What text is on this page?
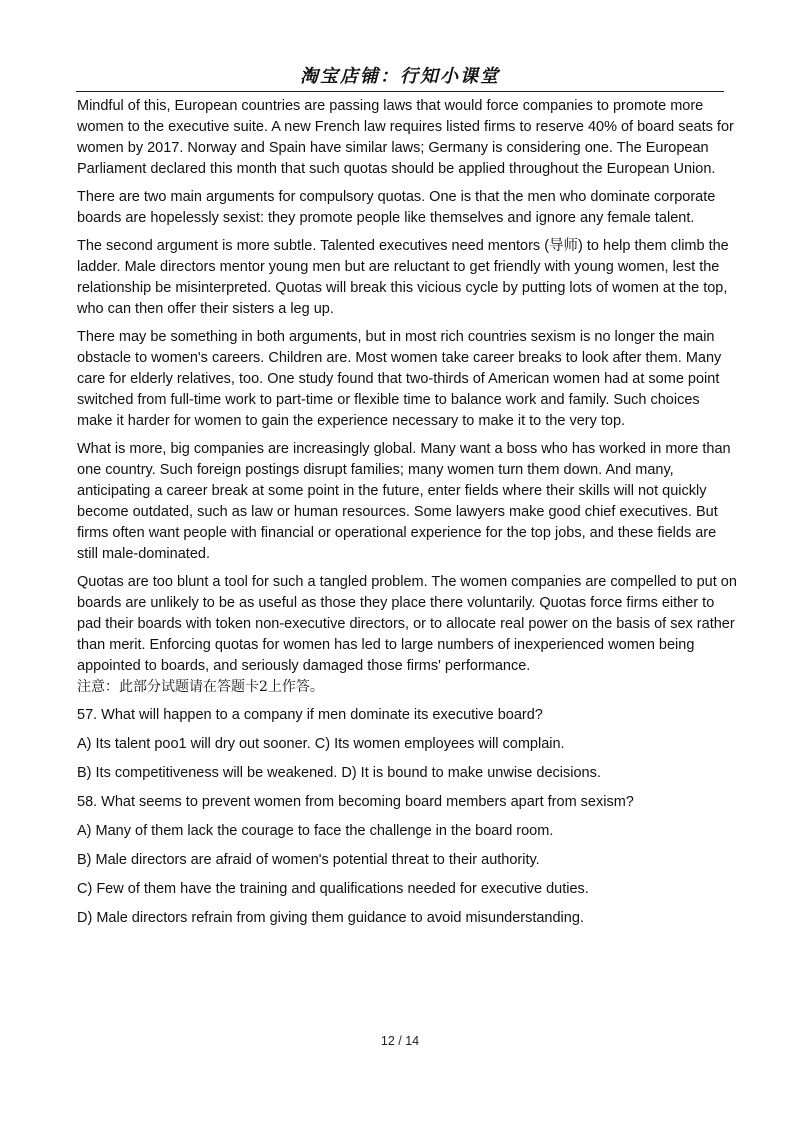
淘宝店铺：行知小课堂

Mindful of this, European countries are passing laws that would force companies to promote more women to the executive suite. A new French law requires listed firms to reserve 40% of board seats for women by 2017. Norway and Spain have similar laws; Germany is considering one. The European Parliament declared this month that such quotas should be applied throughout the European Union.

There are two main arguments for compulsory quotas. One is that the men who dominate corporate boards are hopelessly sexist: they promote people like themselves and ignore any female talent.

The second argument is more subtle. Talented executives need mentors (导师) to help them climb the ladder. Male directors mentor young men but are reluctant to get friendly with young women, lest the relationship be misinterpreted. Quotas will break this vicious cycle by putting lots of women at the top, who can then offer their sisters a leg up.

There may be something in both arguments, but in most rich countries sexism is no longer the main obstacle to women's careers. Children are. Most women take career breaks to look after them. Many care for elderly relatives, too. One study found that two-thirds of American women had at some point switched from full-time work to part-time or flexible time to balance work and family. Such choices make it harder for women to gain the experience necessary to make it to the very top.

What is more, big companies are increasingly global. Many want a boss who has worked in more than one country. Such foreign postings disrupt families; many women turn them down. And many, anticipating a career break at some point in the future, enter fields where their skills will not quickly become outdated, such as law or human resources. Some lawyers make good chief executives. But firms often want people with financial or operational experience for the top jobs, and these fields are still male-dominated.

Quotas are too blunt a tool for such a tangled problem. The women companies are compelled to put on boards are unlikely to be as useful as those they place there voluntarily. Quotas force firms either to pad their boards with token non-executive directors, or to allocate real power on the basis of sex rather than merit. Enforcing quotas for women has led to large numbers of inexperienced women being appointed to boards, and seriously damaged those firms' performance.

注意：此部分试题请在答题卡2上作答。

57. What will happen to a company if men dominate its executive board?

A) Its talent poo1 will dry out sooner. C) Its women employees will complain.

B) Its competitiveness will be weakened. D) It is bound to make unwise decisions.

58. What seems to prevent women from becoming board members apart from sexism?

A) Many of them lack the courage to face the challenge in the board room.

B) Male directors are afraid of women's potential threat to their authority.

C) Few of them have the training and qualifications needed for executive duties.

D) Male directors refrain from giving them guidance to avoid misunderstanding.

12 / 14
